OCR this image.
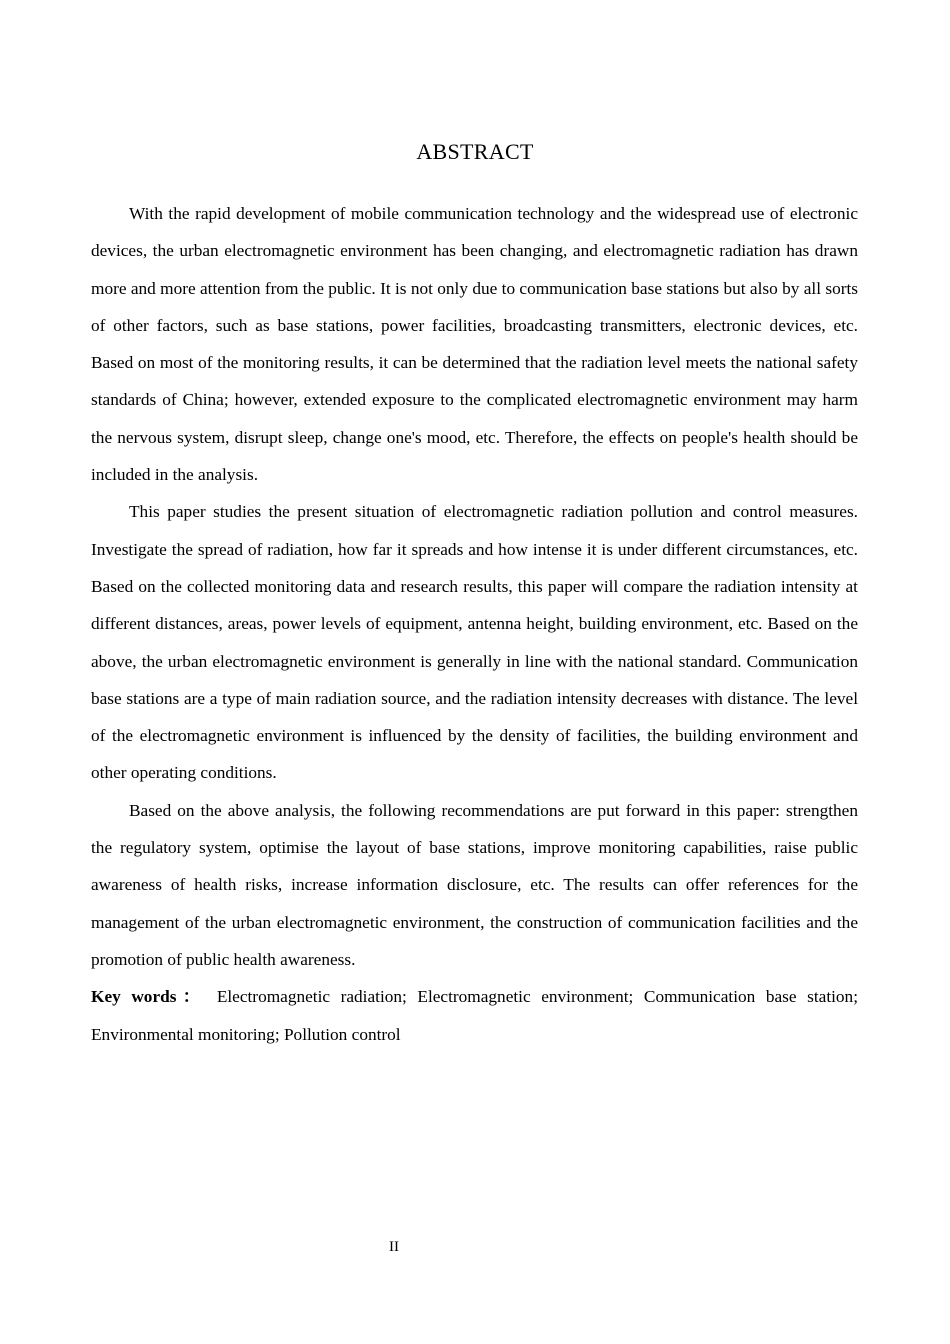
ABSTRACT

With the rapid development of mobile communication technology and the widespread use of electronic devices, the urban electromagnetic environment has been changing, and electromagnetic radiation has drawn more and more attention from the public. It is not only due to communication base stations but also by all sorts of other factors, such as base stations, power facilities, broadcasting transmitters, electronic devices, etc. Based on most of the monitoring results, it can be determined that the radiation level meets the national safety standards of China; however, extended exposure to the complicated electromagnetic environment may harm the nervous system, disrupt sleep, change one's mood, etc. Therefore, the effects on people's health should be included in the analysis.

This paper studies the present situation of electromagnetic radiation pollution and control measures. Investigate the spread of radiation, how far it spreads and how intense it is under different circumstances, etc. Based on the collected monitoring data and research results, this paper will compare the radiation intensity at different distances, areas, power levels of equipment, antenna height, building environment, etc. Based on the above, the urban electromagnetic environment is generally in line with the national standard. Communication base stations are a type of main radiation source, and the radiation intensity decreases with distance. The level of the electromagnetic environment is influenced by the density of facilities, the building environment and other operating conditions.

Based on the above analysis, the following recommendations are put forward in this paper: strengthen the regulatory system, optimise the layout of base stations, improve monitoring capabilities, raise public awareness of health risks, increase information disclosure, etc. The results can offer references for the management of the urban electromagnetic environment, the construction of communication facilities and the promotion of public health awareness.

Key words： Electromagnetic radiation; Electromagnetic environment; Communication base station; Environmental monitoring; Pollution control

II
